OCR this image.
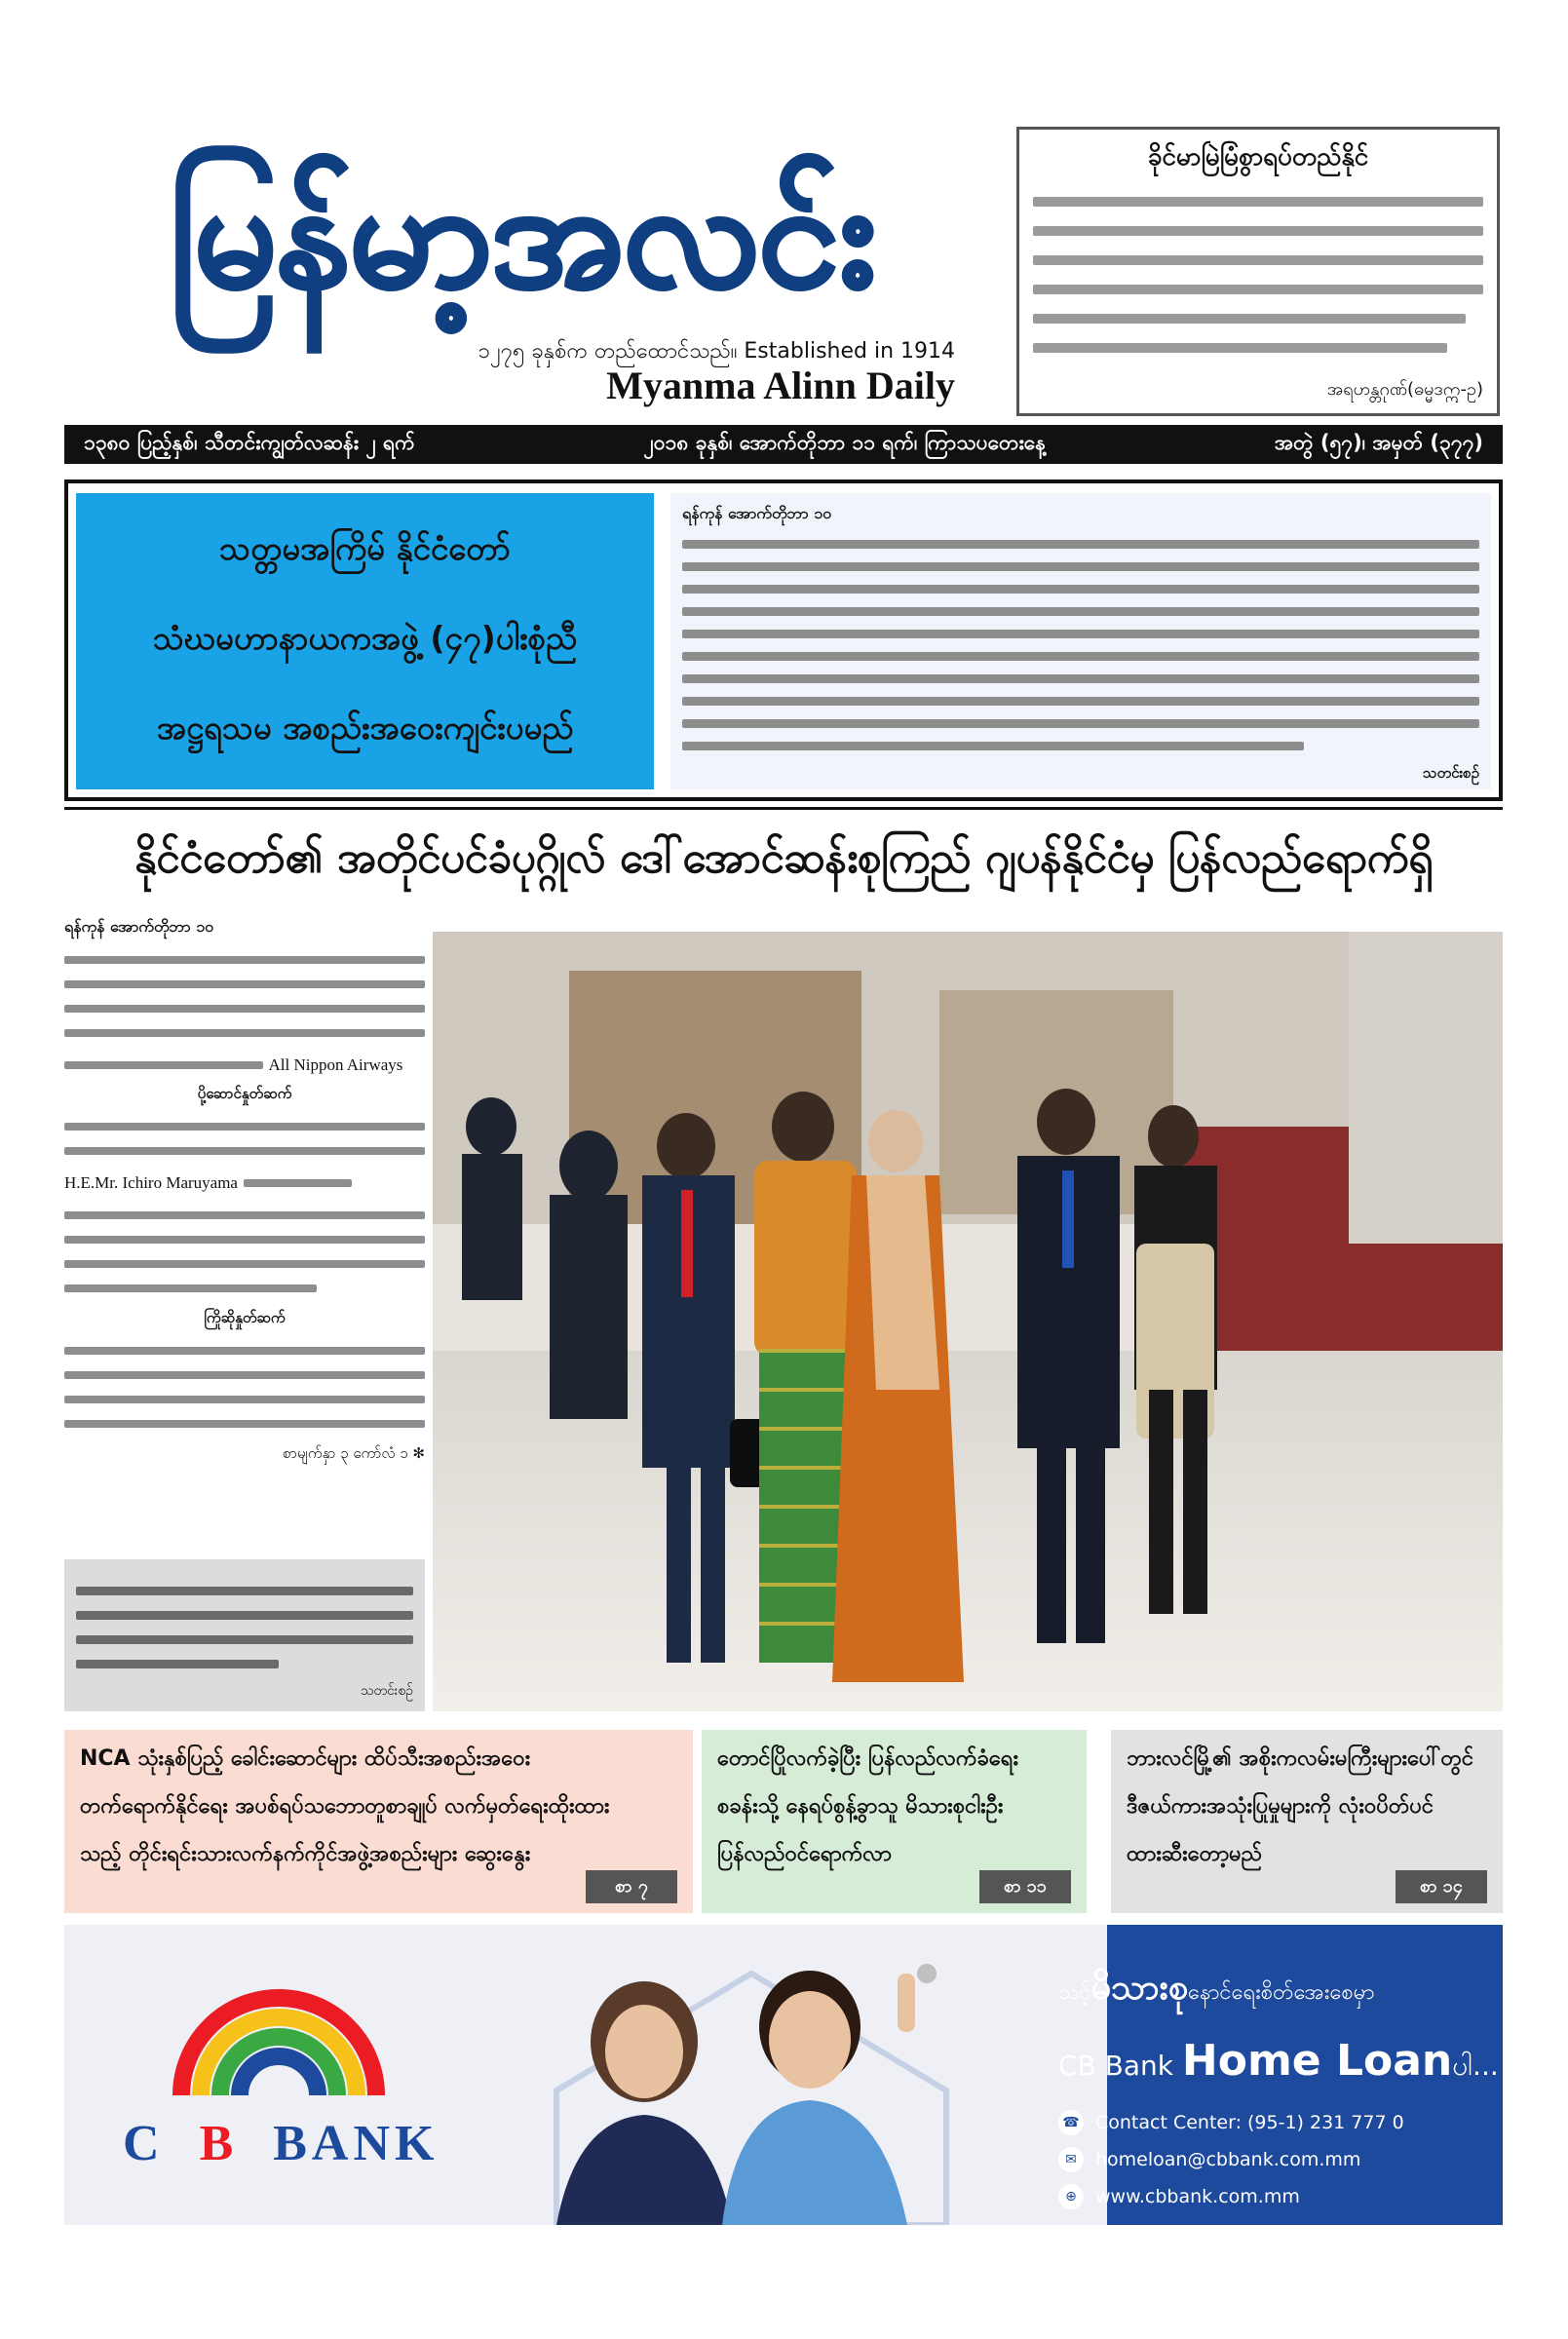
မြန်မာ့အလင်း
၁၂၇၅ ခုနှစ်က တည်ထောင်သည်။ Established in 1914
Myanma Alinn Daily
ခိုင်မာမြဲမြံစွာရပ်တည်နိုင်
အရဟန္တဂုဏ်(ဓမ္မဒဣ-ဥ)
၁၃၈၀ ပြည့်နှစ်၊ သီတင်းကျွတ်လဆန်း ၂ ရက်	၂၀၁၈ ခုနှစ်၊ အောက်တိုဘာ ၁၁ ရက်၊ ကြာသပတေးနေ့	အတွဲ (၅၇)၊ အမှတ် (၃၇၇)
သတ္တမအကြိမ် နိုင်ငံတော်
သံဃမဟာနာယကအဖွဲ့ (၄၇)ပါးစုံညီ
အဋ္ဌရသမ အစည်းအဝေးကျင်းပမည်
ရန်ကုန် အောက်တိုဘာ ၁၀
သတင်းစဉ်
နိုင်ငံတော်၏ အတိုင်ပင်ခံပုဂ္ဂိုလ် ဒေါ်အောင်ဆန်းစုကြည် ဂျပန်နိုင်ငံမှ ပြန်လည်ရောက်ရှိ
ရန်ကုန် အောက်တိုဘာ ၁၀
All Nippon Airways
ပို့ဆောင်နှုတ်ဆက်
H.E.Mr. Ichiro Maruyama
ကြိုဆိုနှုတ်ဆက်
စာမျက်နှာ ၃ ကော်လံ ၁ ✻
သတင်းစဉ်
NCA သုံးနှစ်ပြည့် ခေါင်းဆောင်များ ထိပ်သီးအစည်းအဝေး
တက်ရောက်နိုင်ရေး အပစ်ရပ်သဘောတူစာချုပ် လက်မှတ်ရေးထိုးထား
သည့် တိုင်းရင်းသားလက်နက်ကိုင်အဖွဲ့အစည်းများ ဆွေးနွေး
စာ ၇
တောင်ပြိုလက်ခဲ့ပြီး ပြန်လည်လက်ခံရေး
စခန်းသို့ နေရပ်စွန့်ခွာသူ မိသားစုငါးဦး
ပြန်လည်ဝင်ရောက်လာ
စာ ၁၁
ဘားလင်မြို့၏ အစိုးကလမ်းမကြီးများပေါ်တွင်
ဒီဇယ်ကားအသုံးပြုမှုများကို လုံးဝပိတ်ပင်
ထားဆီးတော့မည်
စာ ၁၄
C B BANK
သင့်မိသားစုနောင်ရေးစိတ်အေးစေမှာ
CB Bank Home Loanပါ...
☎ Contact Center: (95-1) 231 777 0
✉	homeloan@cbbank.com.mm
⊕	www.cbbank.com.mm
